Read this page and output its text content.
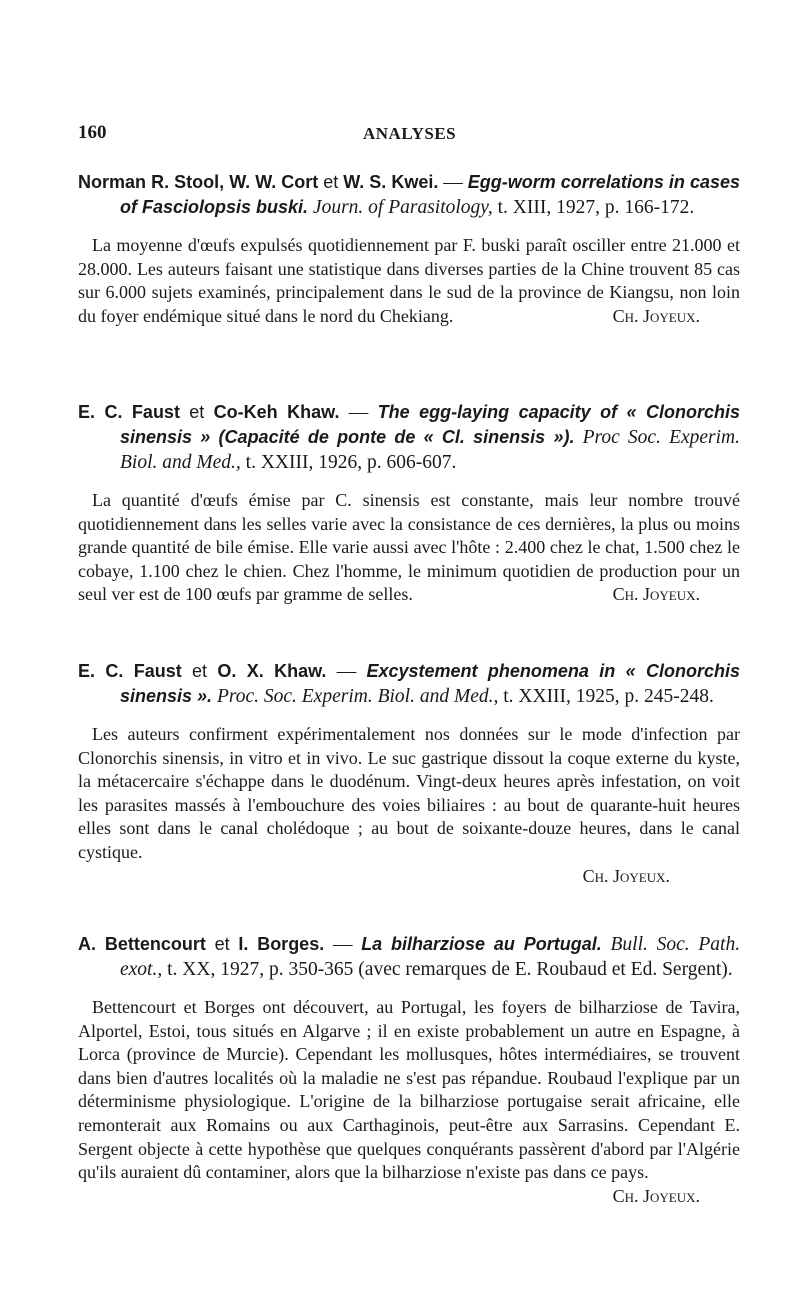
160	ANALYSES
Norman R. Stool, W. W. Cort et W. S. Kwei. — Egg-worm correlations in cases of Fasciolopsis buski. Journ. of Parasitology, t. XIII, 1927, p. 166-172.
La moyenne d'œufs expulsés quotidiennement par F. buski paraît osciller entre 21.000 et 28.000. Les auteurs faisant une statistique dans diverses parties de la Chine trouvent 85 cas sur 6.000 sujets examinés, principalement dans le sud de la province de Kiangsu, non loin du foyer endémique situé dans le nord du Chekiang.	Ch. Joyeux.
E. C. Faust et Co-Keh Khaw. — The egg-laying capacity of « Clonorchis sinensis » (Capacité de ponte de « Cl. sinensis »). Proc Soc. Experim. Biol. and Med., t. XXIII, 1926, p. 606-607.
La quantité d'œufs émise par C. sinensis est constante, mais leur nombre trouvé quotidiennement dans les selles varie avec la consistance de ces dernières, la plus ou moins grande quantité de bile émise. Elle varie aussi avec l'hôte : 2.400 chez le chat, 1.500 chez le cobaye, 1.100 chez le chien. Chez l'homme, le minimum quotidien de production pour un seul ver est de 100 œufs par gramme de selles.	Ch. Joyeux.
E. C. Faust et O. X. Khaw. — Excystement phenomena in « Clonorchis sinensis ». Proc. Soc. Experim. Biol. and Med., t. XXIII, 1925, p. 245-248.
Les auteurs confirment expérimentalement nos données sur le mode d'infection par Clonorchis sinensis, in vitro et in vivo. Le suc gastrique dissout la coque externe du kyste, la métacercaire s'échappe dans le duodénum. Vingt-deux heures après infestation, on voit les parasites massés à l'embouchure des voies biliaires : au bout de quarante-huit heures elles sont dans le canal cholédoque ; au bout de soixante-douze heures, dans le canal cystique.
Ch. Joyeux.
A. Bettencourt et I. Borges. — La bilharziose au Portugal. Bull. Soc. Path. exot., t. XX, 1927, p. 350-365 (avec remarques de E. Roubaud et Ed. Sergent).
Bettencourt et Borges ont découvert, au Portugal, les foyers de bilharziose de Tavira, Alportel, Estoi, tous situés en Algarve ; il en existe probablement un autre en Espagne, à Lorca (province de Murcie). Cependant les mollusques, hôtes intermédiaires, se trouvent dans bien d'autres localités où la maladie ne s'est pas répandue. Roubaud l'explique par un déterminisme physiologique. L'origine de la bilharziose portugaise serait africaine, elle remonterait aux Romains ou aux Carthaginois, peut-être aux Sarrasins. Cependant E. Sergent objecte à cette hypothèse que quelques conquérants passèrent d'abord par l'Algérie qu'ils auraient dû contaminer, alors que la bilharziose n'existe pas dans ce pays.
Ch. Joyeux.
